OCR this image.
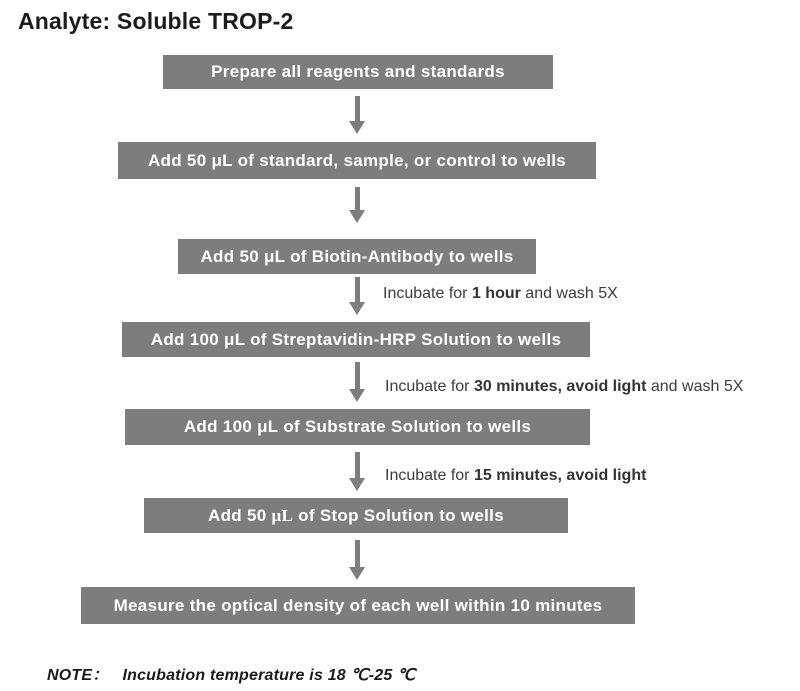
Analyte: Soluble TROP-2
Prepare all reagents and standards
Add 50 μL of standard, sample, or control to wells
Add 50 μL of Biotin-Antibody to wells
Incubate for 1 hour and wash 5X
Add 100 μL of Streptavidin-HRP Solution to wells
Incubate for 30 minutes, avoid light and wash 5X
Add 100 μL of Substrate Solution to wells
Incubate for 15 minutes, avoid light
Add 50 μL of Stop Solution to wells
Measure the optical density of each well within 10 minutes
NOTE： Incubation temperature is 18 ℃-25 ℃
